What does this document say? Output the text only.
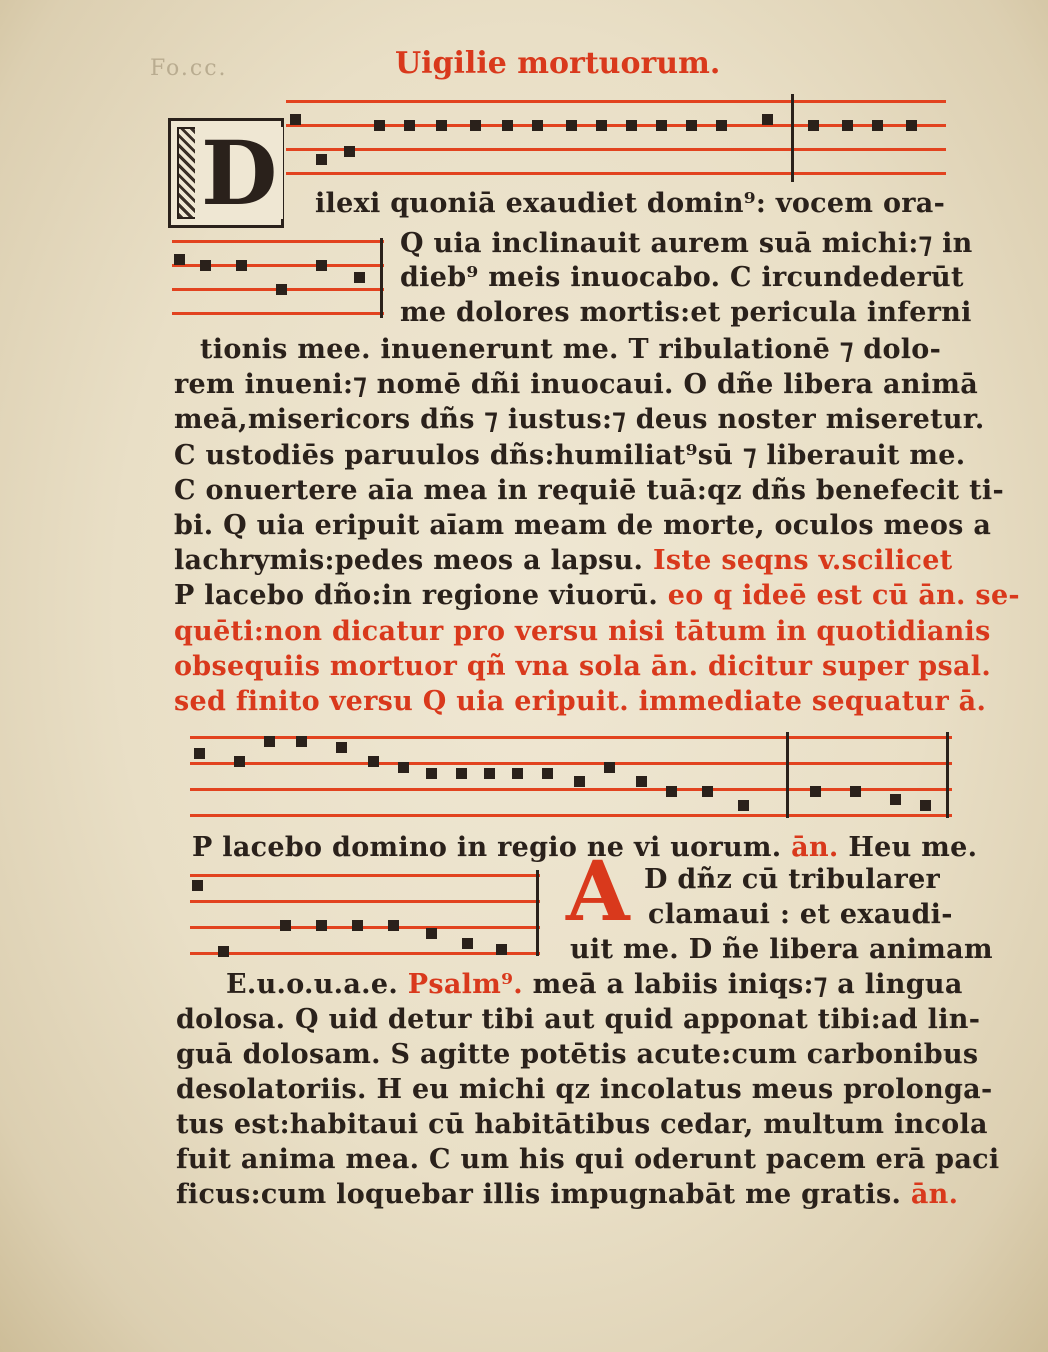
Fo.cc.	Uigilie mortuorum.
D ilexi quoniā exaudiet domin⁹: vocem ora-
Q uia inclinauit aurem suā michi:⁊ in
dieb⁹ meis inuocabo. C ircundederūt
me dolores mortis:et pericula inferni
tionis mee. inuenerunt me. T ribulationē ⁊ dolo-
rem inueni:⁊ nomē dñi inuocaui. O dñe libera animā
meā,misericors dñs ⁊ iustus:⁊ deus noster miseretur.
C ustodiēs paruulos dñs:humiliat⁹sū ⁊ liberauit me.
C onuertere aīa mea in requiē tuā:qz dñs benefecit ti-
bi. Q uia eripuit aīam meam de morte, oculos meos a
lachrymis:pedes meos a lapsu. Iste seqns v.scilicet
P lacebo dño:in regione viuorū. eo q ideē est cū ān. se-
quēti:non dicatur pro versu nisi tātum in quotidianis
obsequiis mortuor qñ vna sola ān. dicitur super psal.
sed finito versu Q uia eripuit. immediate sequatur ā.
P lacebo domino in regio ne vi uorum. ān. Heu me.
A D dñz cū tribularer
clamaui : et exaudi-
uit me. D ñe libera animam
E.u.o.u.a.e. Psalm⁹. meā a labiis iniqs:⁊ a lingua
dolosa. Q uid detur tibi aut quid apponat tibi:ad lin-
guā dolosam. S agitte potētis acute:cum carbonibus
desolatoriis. H eu michi qz incolatus meus prolonga-
tus est:habitaui cū habitātibus cedar, multum incola
fuit anima mea. C um his qui oderunt pacem erā paci
ficus:cum loquebar illis impugnabāt me gratis. ān.
